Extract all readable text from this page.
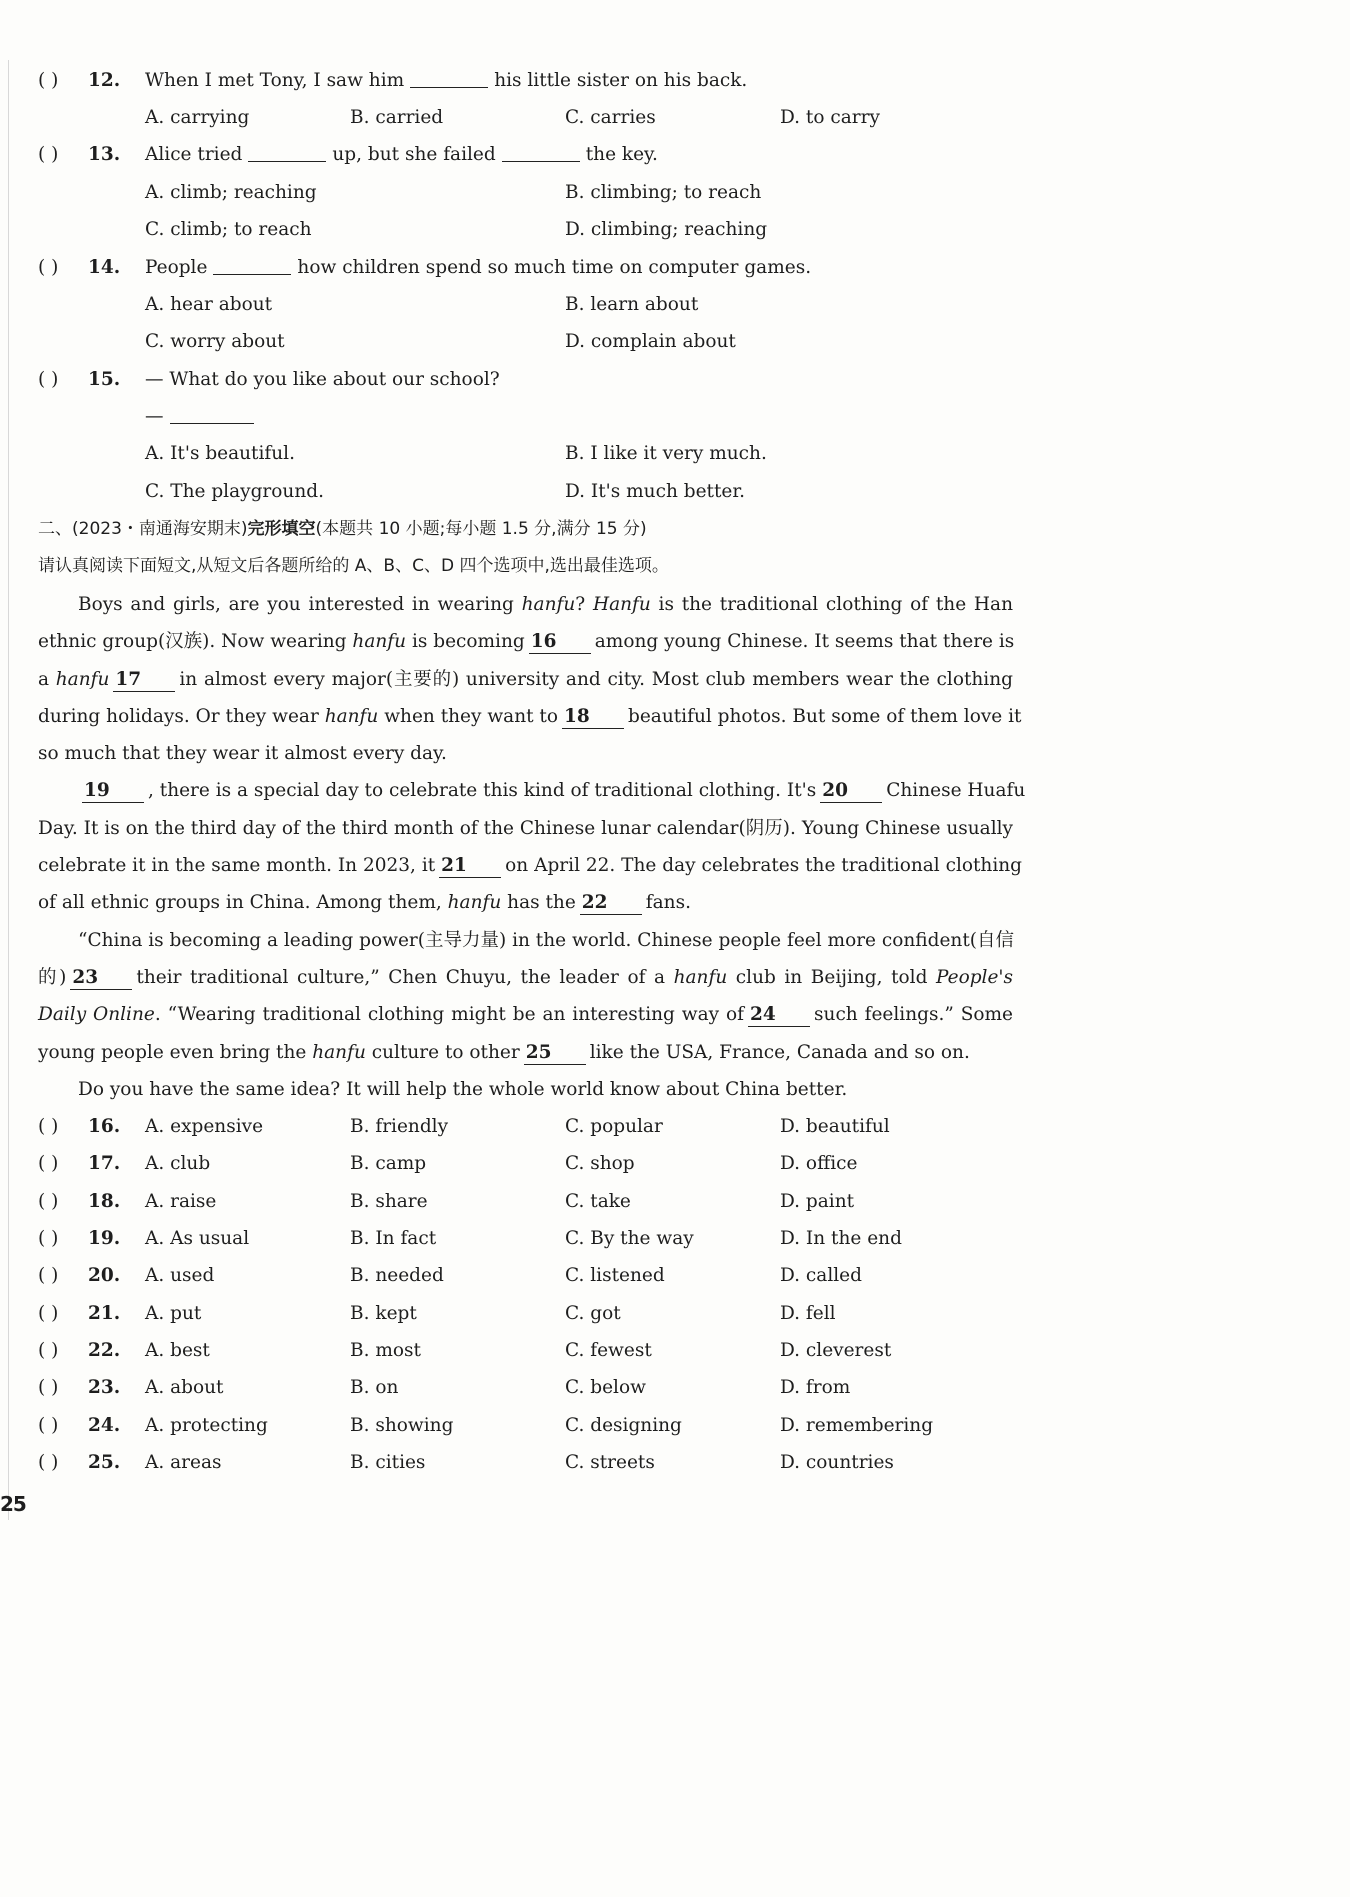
( ) 12. When I met Tony, I saw him	his little sister on his back.
A. carrying	B. carried	C. carries	D. to carry
( ) 13. Alice tried	up, but she failed	the key.
A. climb; reaching	B. climbing; to reach
C. climb; to reach	D. climbing; reaching
( ) 14. People	how children spend so much time on computer games.
A. hear about	B. learn about
C. worry about	D. complain about
( ) 15. — What do you like about our school?
—
A. It's beautiful.	B. I like it very much.
C. The playground.	D. It's much better.
二、(2023・南通海安期末)完形填空(本题共 10 小题;每小题 1.5 分,满分 15 分)
请认真阅读下面短文,从短文后各题所给的 A、B、C、D 四个选项中,选出最佳选项。
Boys and girls, are you interested in wearing hanfu? Hanfu is the traditional clothing of the Han
ethnic group(汉族). Now wearing hanfu is becoming 16 among young Chinese. It seems that there is
a hanfu 17 in almost every major(主要的) university and city. Most club members wear the clothing
during holidays. Or they wear hanfu when they want to 18 beautiful photos. But some of them love it
so much that they wear it almost every day.
19 , there is a special day to celebrate this kind of traditional clothing. It's 20 Chinese Huafu
Day. It is on the third day of the third month of the Chinese lunar calendar(阴历). Young Chinese usually
celebrate it in the same month. In 2023, it 21 on April 22. The day celebrates the traditional clothing
of all ethnic groups in China. Among them, hanfu has the 22 fans.
“China is becoming a leading power(主导力量) in the world. Chinese people feel more confident(自信
的) 23 their traditional culture,” Chen Chuyu, the leader of a hanfu club in Beijing, told People's
Daily Online. “Wearing traditional clothing might be an interesting way of 24 such feelings.” Some
young people even bring the hanfu culture to other 25 like the USA, France, Canada and so on.
Do you have the same idea? It will help the whole world know about China better.
( ) 16. A. expensive	B. friendly	C. popular	D. beautiful
( ) 17. A. club	B. camp	C. shop	D. office
( ) 18. A. raise	B. share	C. take	D. paint
( ) 19. A. As usual	B. In fact	C. By the way	D. In the end
( ) 20. A. used	B. needed	C. listened	D. called
( ) 21. A. put	B. kept	C. got	D. fell
( ) 22. A. best	B. most	C. fewest	D. cleverest
( ) 23. A. about	B. on	C. below	D. from
( ) 24. A. protecting	B. showing	C. designing	D. remembering
( ) 25. A. areas	B. cities	C. streets	D. countries
25
